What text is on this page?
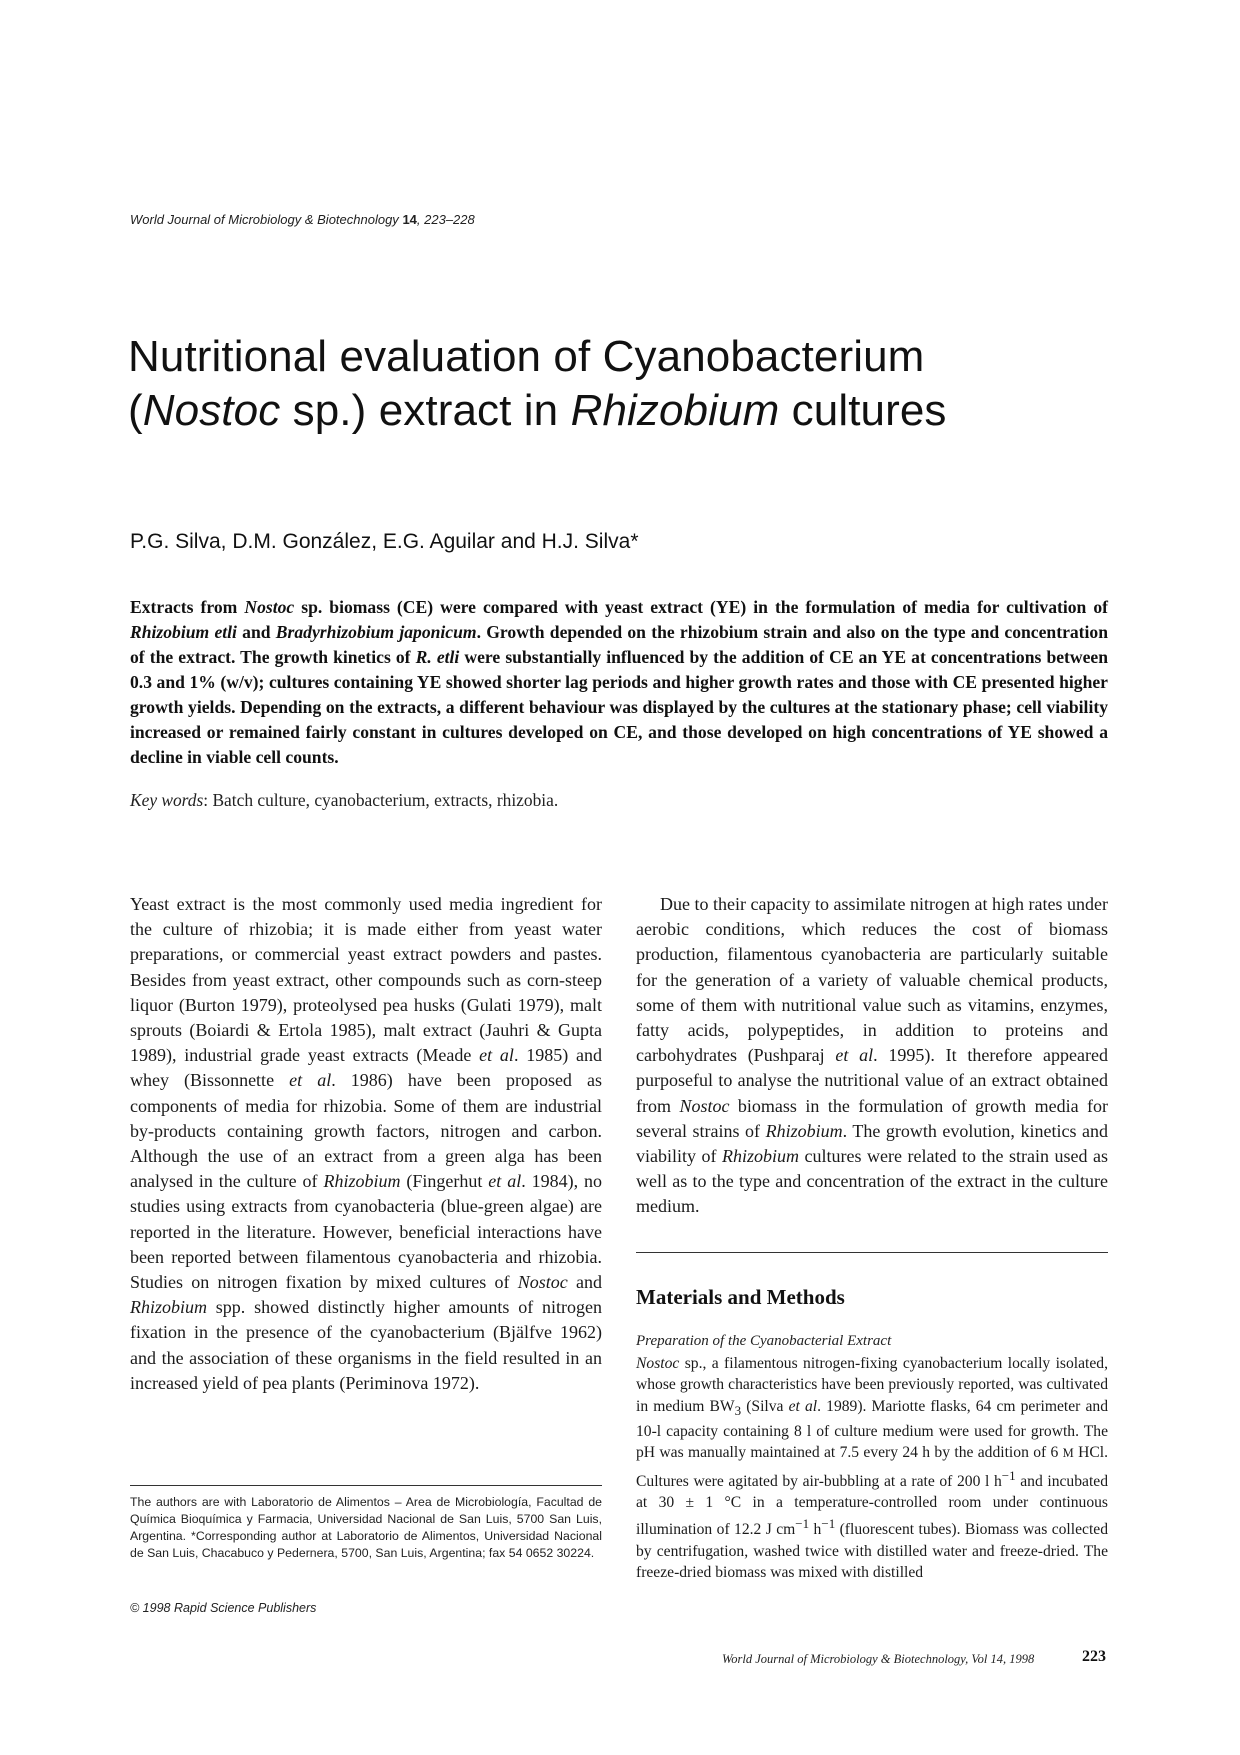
World Journal of Microbiology & Biotechnology 14, 223–228
Nutritional evaluation of Cyanobacterium
(Nostoc sp.) extract in Rhizobium cultures
P.G. Silva, D.M. González, E.G. Aguilar and H.J. Silva*

Extracts from Nostoc sp. biomass (CE) were compared with yeast extract (YE) in the formulation of media for cultivation of Rhizobium etli and Bradyrhizobium japonicum. Growth depended on the rhizobium strain and also on the type and concentration of the extract. The growth kinetics of R. etli were substantially influenced by the addition of CE an YE at concentrations between 0.3 and 1% (w/v); cultures containing YE showed shorter lag periods and higher growth rates and those with CE presented higher growth yields. Depending on the extracts, a different behaviour was displayed by the cultures at the stationary phase; cell viability increased or remained fairly constant in cultures developed on CE, and those developed on high concentrations of YE showed a decline in viable cell counts.

Key words: Batch culture, cyanobacterium, extracts, rhizobia.

Yeast extract is the most commonly used media ingredient for the culture of rhizobia; it is made either from yeast water preparations, or commercial yeast extract powders and pastes. Besides from yeast extract, other compounds such as corn-steep liquor (Burton 1979), proteolysed pea husks (Gulati 1979), malt sprouts (Boiardi & Ertola 1985), malt extract (Jauhri & Gupta 1989), industrial grade yeast extracts (Meade et al. 1985) and whey (Bissonnette et al. 1986) have been proposed as components of media for rhizobia. Some of them are industrial by-products containing growth factors, nitrogen and carbon. Although the use of an extract from a green alga has been analysed in the culture of Rhizobium (Fingerhut et al. 1984), no studies using extracts from cyanobacteria (blue-green algae) are reported in the literature. However, beneficial interactions have been reported between filamentous cyanobacteria and rhizobia. Studies on nitrogen fixation by mixed cultures of Nostoc and Rhizobium spp. showed distinctly higher amounts of nitrogen fixation in the presence of the cyanobacterium (Bjälfve 1962) and the association of these organisms in the field resulted in an increased yield of pea plants (Periminova 1972).

The authors are with Laboratorio de Alimentos – Area de Microbiología, Facultad de Química Bioquímica y Farmacia, Universidad Nacional de San Luis, 5700 San Luis, Argentina. *Corresponding author at Laboratorio de Alimentos, Universidad Nacional de San Luis, Chacabuco y Pedernera, 5700, San Luis, Argentina; fax 54 0652 30224.

© 1998 Rapid Science Publishers

Due to their capacity to assimilate nitrogen at high rates under aerobic conditions, which reduces the cost of biomass production, filamentous cyanobacteria are particularly suitable for the generation of a variety of valuable chemical products, some of them with nutritional value such as vitamins, enzymes, fatty acids, polypeptides, in addition to proteins and carbohydrates (Pushparaj et al. 1995). It therefore appeared purposeful to analyse the nutritional value of an extract obtained from Nostoc biomass in the formulation of growth media for several strains of Rhizobium. The growth evolution, kinetics and viability of Rhizobium cultures were related to the strain used as well as to the type and concentration of the extract in the culture medium.

Materials and Methods
Preparation of the Cyanobacterial Extract

Nostoc sp., a filamentous nitrogen-fixing cyanobacterium locally isolated, whose growth characteristics have been previously reported, was cultivated in medium $BW_3$ (Silva et al. 1989). Mariotte flasks, 64 cm perimeter and 10-l capacity containing 8 l of culture medium were used for growth. The pH was manually maintained at 7.5 every 24 h by the addition of 6 M HCl. Cultures were agitated by air-bubbling at a rate of 200 l $h^{-1}$ and incubated at 30 ± 1 °C in a temperature-controlled room under continuous illumination of 12.2 J $cm^{-1}$ $h^{-1}$ (fluorescent tubes). Biomass was collected by centrifugation, washed twice with distilled water and freeze-dried. The freeze-dried biomass was mixed with distilled

World Journal of Microbiology & Biotechnology, Vol 14, 1998	223
